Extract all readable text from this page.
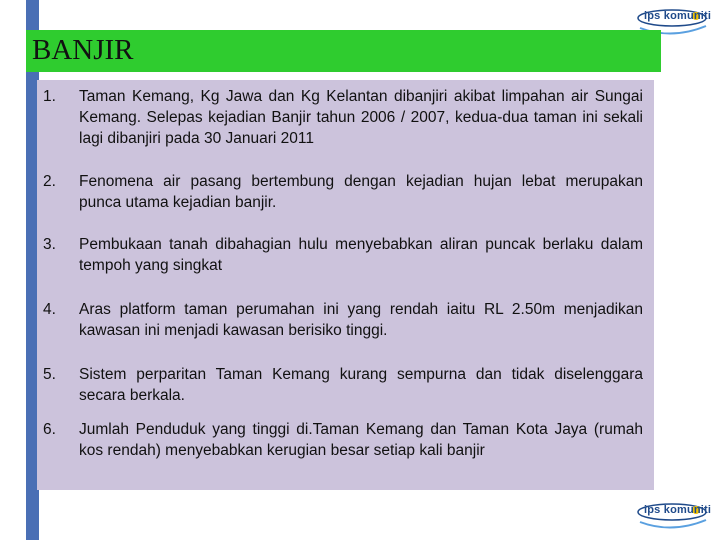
ips komuniti
BANJIR
1. Taman Kemang, Kg Jawa dan Kg Kelantan dibanjiri akibat limpahan air Sungai Kemang. Selepas kejadian Banjir tahun 2006 / 2007, kedua-dua taman ini sekali lagi dibanjiri pada 30 Januari 2011
2. Fenomena air pasang bertembung dengan kejadian hujan lebat merupakan punca utama kejadian banjir.
3. Pembukaan tanah dibahagian hulu menyebabkan aliran puncak berlaku dalam tempoh yang singkat
4. Aras platform taman perumahan ini yang rendah iaitu RL 2.50m menjadikan kawasan ini menjadi kawasan berisiko tinggi.
5. Sistem perparitan Taman Kemang kurang sempurna dan tidak diselenggara secara berkala.
6. Jumlah Penduduk yang tinggi di.Taman Kemang dan Taman Kota Jaya (rumah kos rendah) menyebabkan kerugian besar setiap kali banjir
ips komuniti
